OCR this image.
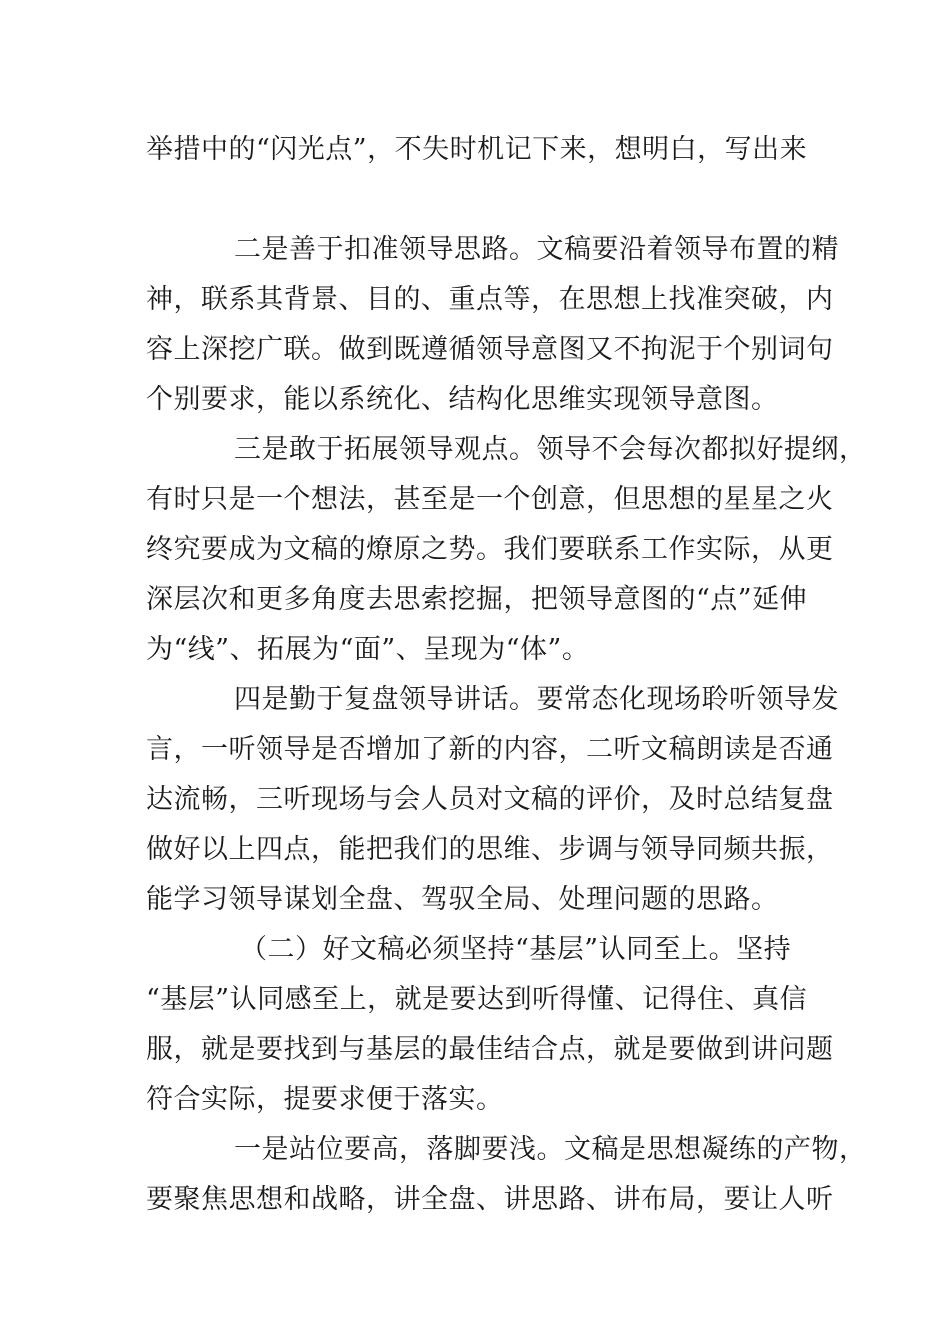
举措中的“闪光点”，不失时机记下来，想明白，写出来
二是善于扣准领导思路。文稿要沿着领导布置的精
神，联系其背景、目的、重点等，在思想上找准突破，内
容上深挖广联。做到既遵循领导意图又不拘泥于个别词句
个别要求，能以系统化、结构化思维实现领导意图。
三是敢于拓展领导观点。领导不会每次都拟好提纲，
有时只是一个想法，甚至是一个创意，但思想的星星之火
终究要成为文稿的燎原之势。我们要联系工作实际，从更
深层次和更多角度去思索挖掘，把领导意图的“点”延伸
为“线”、拓展为“面”、呈现为“体”。
四是勤于复盘领导讲话。要常态化现场聆听领导发
言，一听领导是否增加了新的内容，二听文稿朗读是否通
达流畅，三听现场与会人员对文稿的评价，及时总结复盘
做好以上四点，能把我们的思维、步调与领导同频共振，
能学习领导谋划全盘、驾驭全局、处理问题的思路。
（二）好文稿必须坚持“基层”认同至上。坚持
“基层”认同感至上，就是要达到听得懂、记得住、真信
服，就是要找到与基层的最佳结合点，就是要做到讲问题
符合实际，提要求便于落实。
一是站位要高，落脚要浅。文稿是思想凝练的产物，
要聚焦思想和战略，讲全盘、讲思路、讲布局，要让人听
